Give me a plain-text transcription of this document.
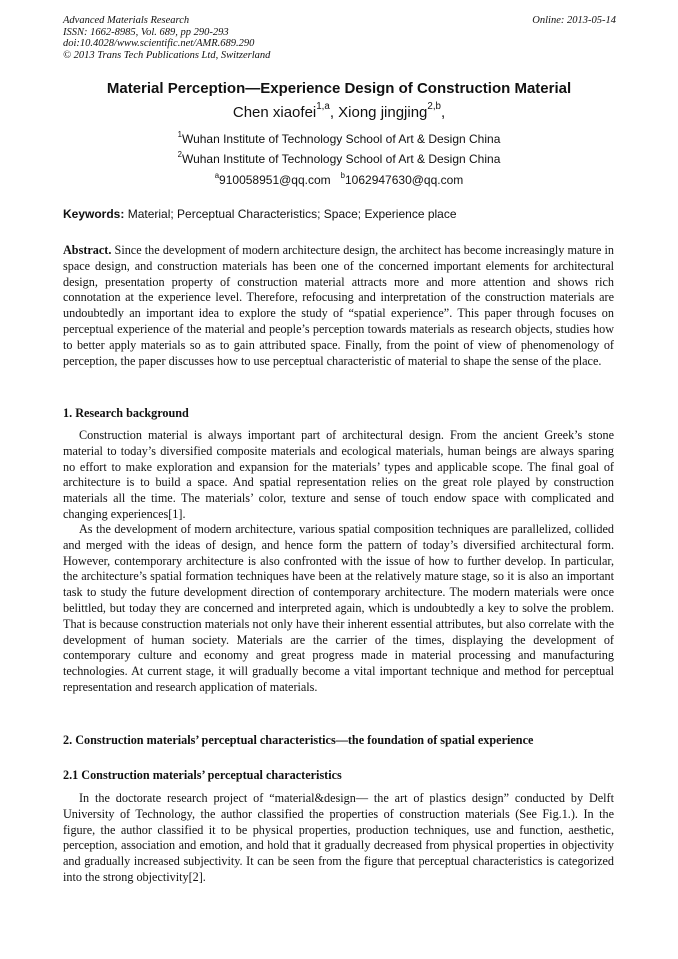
Advanced Materials Research
ISSN: 1662-8985, Vol. 689, pp 290-293
doi:10.4028/www.scientific.net/AMR.689.290
© 2013 Trans Tech Publications Ltd, Switzerland
Online: 2013-05-14
Material Perception—Experience Design of Construction Material
Chen xiaofei$^{1,a}$, Xiong jingjing$^{2,b}$,
$^1$Wuhan Institute of Technology School of Art & Design China
$^2$Wuhan Institute of Technology School of Art & Design China
$^a$910058951@qq.com $^b$1062947630@qq.com
Keywords: Material; Perceptual Characteristics; Space; Experience place

Abstract. Since the development of modern architecture design, the architect has become increasingly mature in space design, and construction materials has been one of the concerned important elements for architectural design, presentation property of construction material attracts more and more attention and shows rich connotation at the experience level. Therefore, refocusing and interpretation of the construction materials are undoubtedly an important idea to explore the study of “spatial experience”. This paper through focuses on perceptual experience of the material and people’s perception towards materials as research objects, studies how to better apply materials so as to gain attributed space. Finally, from the point of view of phenomenology of perception, the paper discusses how to use perceptual characteristic of material to shape the sense of the place.

1. Research background

Construction material is always important part of architectural design. From the ancient Greek’s stone material to today’s diversified composite materials and ecological materials, human beings are always sparing no effort to make exploration and expansion for the materials’ types and applicable scope. The final goal of architecture is to build a space. And spatial representation relies on the great role played by construction materials all the time. The materials’ color, texture and sense of touch endow space with complicated and changing experiences[1].

As the development of modern architecture, various spatial composition techniques are parallelized, collided and merged with the ideas of design, and hence form the pattern of today’s diversified architectural form. However, contemporary architecture is also confronted with the issue of how to further develop. In particular, the architecture’s spatial formation techniques have been at the relatively mature stage, so it is also an important task to study the future development direction of contemporary architecture. The modern materials were once belittled, but today they are concerned and interpreted again, which is undoubtedly a key to solve the problem. That is because construction materials not only have their inherent essential attributes, but also correlate with the development of human society. Materials are the carrier of the times, displaying the development of contemporary culture and economy and great progress made in material processing and manufacturing technologies. At current stage, it will gradually become a vital important technique and method for perceptual representation and research application of materials.

2. Construction materials’ perceptual characteristics—the foundation of spatial experience
2.1 Construction materials’ perceptual characteristics

In the doctorate research project of “material&design— the art of plastics design” conducted by Delft University of Technology, the author classified the properties of construction materials (See Fig.1.). In the figure, the author classified it to be physical properties, production techniques, use and function, aesthetic, perception, association and emotion, and hold that it gradually decreased from physical properties in objectivity and gradually increased subjectivity. It can be seen from the figure that perceptual characteristics is categorized into the strong objectivity[2].
